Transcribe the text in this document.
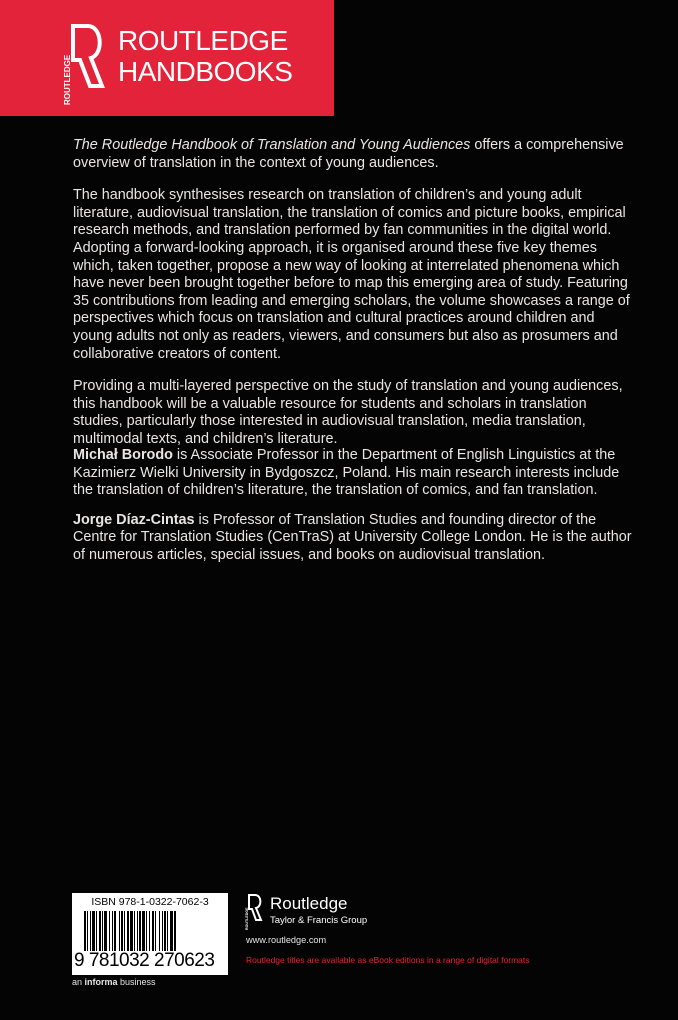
ROUTLEDGE
ROUTLEDGE
HANDBOOKS

The Routledge Handbook of Translation and Young Audiences offers a comprehensive overview of translation in the context of young audiences.

The handbook synthesises research on translation of children’s and young adult literature, audiovisual translation, the translation of comics and picture books, empirical research methods, and translation performed by fan communities in the digital world. Adopting a forward-looking approach, it is organised around these five key themes which, taken together, propose a new way of looking at interrelated phenomena which have never been brought together before to map this emerging area of study. Featuring 35 contributions from leading and emerging scholars, the volume showcases a range of perspectives which focus on translation and cultural practices around children and young adults not only as readers, viewers, and consumers but also as prosumers and collaborative creators of content.

Providing a multi-layered perspective on the study of translation and young audiences, this handbook will be a valuable resource for students and scholars in translation studies, particularly those interested in audiovisual translation, media translation, multimodal texts, and children’s literature.

Michał Borodo is Associate Professor in the Department of English Linguistics at the Kazimierz Wielki University in Bydgoszcz, Poland. His main research interests include the translation of children’s literature, the translation of comics, and fan translation.

Jorge Díaz-Cintas is Professor of Translation Studies and founding director of the Centre for Translation Studies (CenTraS) at University College London. He is the author of numerous articles, special issues, and books on audiovisual translation.

ISBN 978-1-0322-7062-3
9 781032 270623
an informa business
ROUTLEDGE
Routledge
Taylor & Francis Group
www.routledge.com
Routledge titles are available as eBook editions in a range of digital formats
